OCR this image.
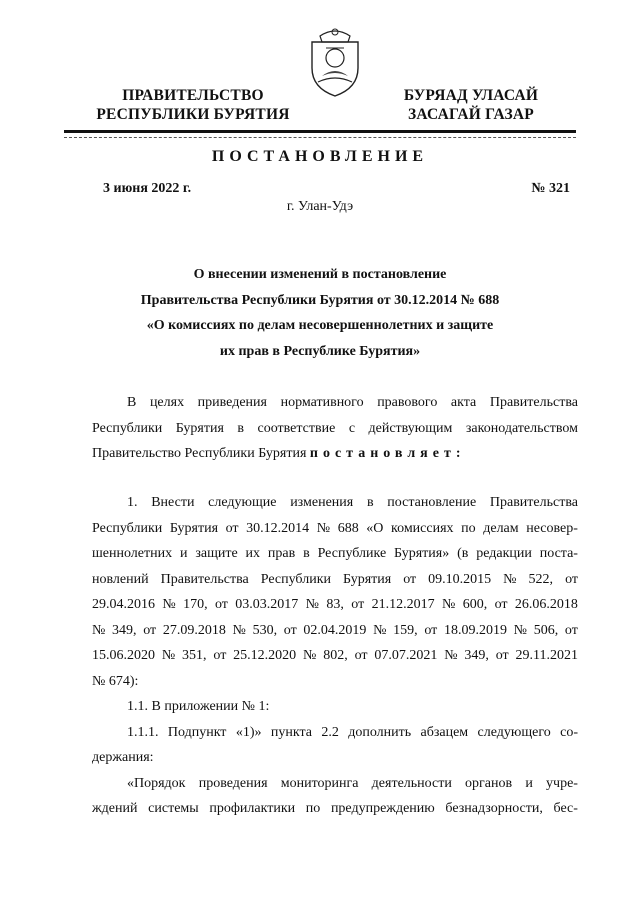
ПРАВИТЕЛЬСТВО
РЕСПУБЛИКИ БУРЯТИЯ
БУРЯАД УЛАСАЙ
ЗАСАГАЙ ГАЗАР
ПОСТАНОВЛЕНИЕ
3 июня 2022 г.	№ 321
г. Улан-Удэ
О внесении изменений в постановление
Правительства Республики Бурятия от 30.12.2014 № 688
«О комиссиях по делам несовершеннолетних и защите
их прав в Республике Бурятия»
В целях приведения нормативного правового акта Правительства
Республики Бурятия в соответствие с действующим законодательством
Правительство Республики Бурятия постановляет:
1. Внести следующие изменения в постановление Правительства
Республики Бурятия от 30.12.2014 № 688 «О комиссиях по делам несовер-
шеннолетних и защите их прав в Республике Бурятия» (в редакции поста-
новлений Правительства Республики Бурятия от 09.10.2015 № 522, от
29.04.2016 № 170, от 03.03.2017 № 83, от 21.12.2017 № 600, от 26.06.2018
№ 349, от 27.09.2018 № 530, от 02.04.2019 № 159, от 18.09.2019 № 506, от
15.06.2020 № 351, от 25.12.2020 № 802, от 07.07.2021 № 349, от 29.11.2021
№ 674):
1.1. В приложении № 1:
1.1.1. Подпункт «1)» пункта 2.2 дополнить абзацем следующего со-
держания:
«Порядок проведения мониторинга деятельности органов и учре-
ждений системы профилактики по предупреждению безнадзорности, бес-
